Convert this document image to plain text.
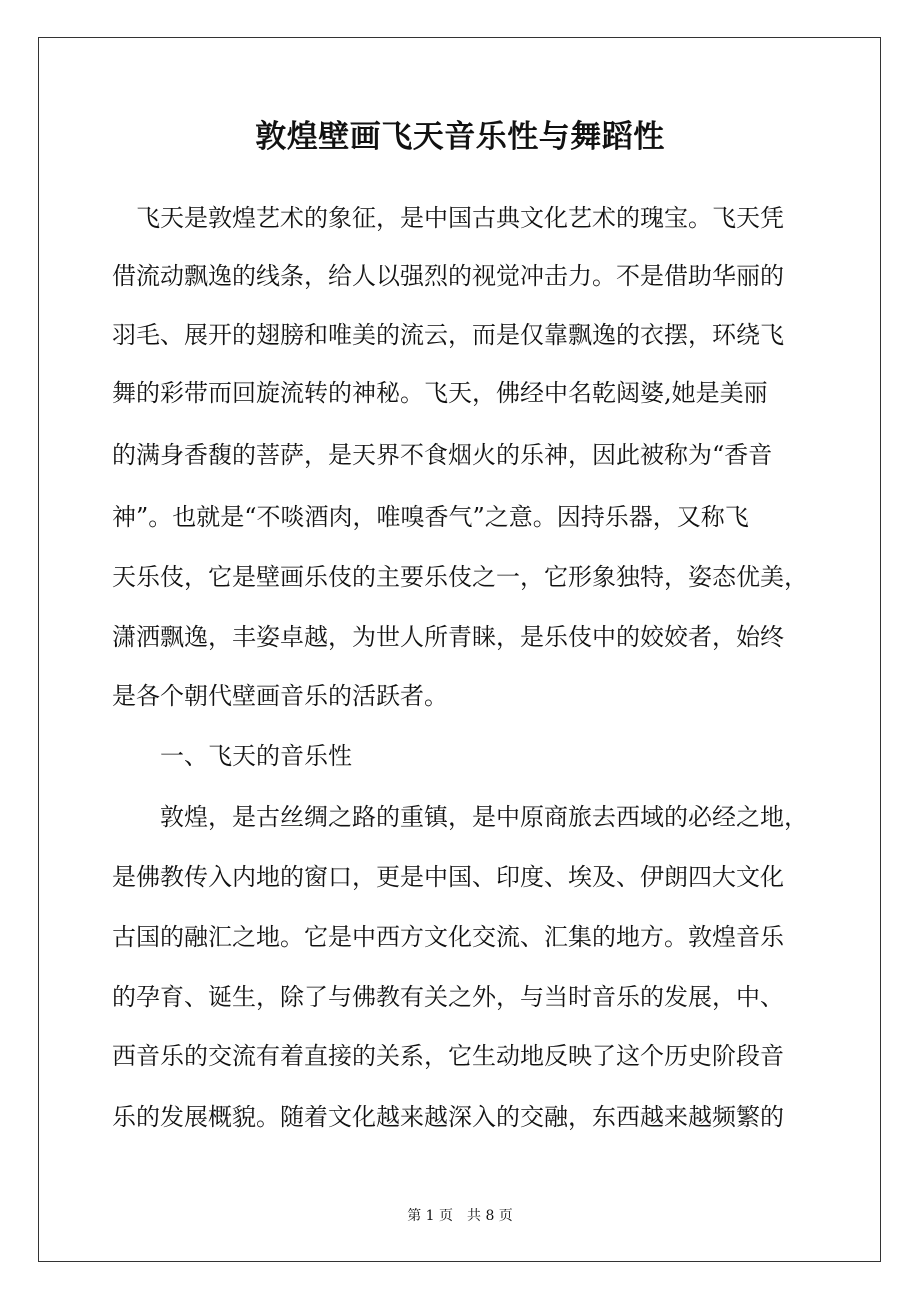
敦煌壁画飞天音乐性与舞蹈性

　飞天是敦煌艺术的象征，是中国古典文化艺术的瑰宝。飞天凭

借流动飘逸的线条，给人以强烈的视觉冲击力。不是借助华丽的

羽毛、展开的翅膀和唯美的流云，而是仅靠飘逸的衣摆，环绕飞

舞的彩带而回旋流转的神秘。飞天，佛经中名乾闼婆,她是美丽

的满身香馥的菩萨，是天界不食烟火的乐神，因此被称为“香音

神”。也就是“不啖酒肉，唯嗅香气”之意。因持乐器，又称飞

天乐伎，它是壁画乐伎的主要乐伎之一，它形象独特，姿态优美，

潇洒飘逸，丰姿卓越，为世人所青睐，是乐伎中的姣姣者，始终

是各个朝代壁画音乐的活跃者。

　　一、飞天的音乐性

　　敦煌，是古丝绸之路的重镇，是中原商旅去西域的必经之地，

是佛教传入内地的窗口，更是中国、印度、埃及、伊朗四大文化

古国的融汇之地。它是中西方文化交流、汇集的地方。敦煌音乐

的孕育、诞生，除了与佛教有关之外，与当时音乐的发展，中、

西音乐的交流有着直接的关系，它生动地反映了这个历史阶段音

乐的发展概貌。随着文化越来越深入的交融，东西越来越频繁的

第 1 页　共 8 页
